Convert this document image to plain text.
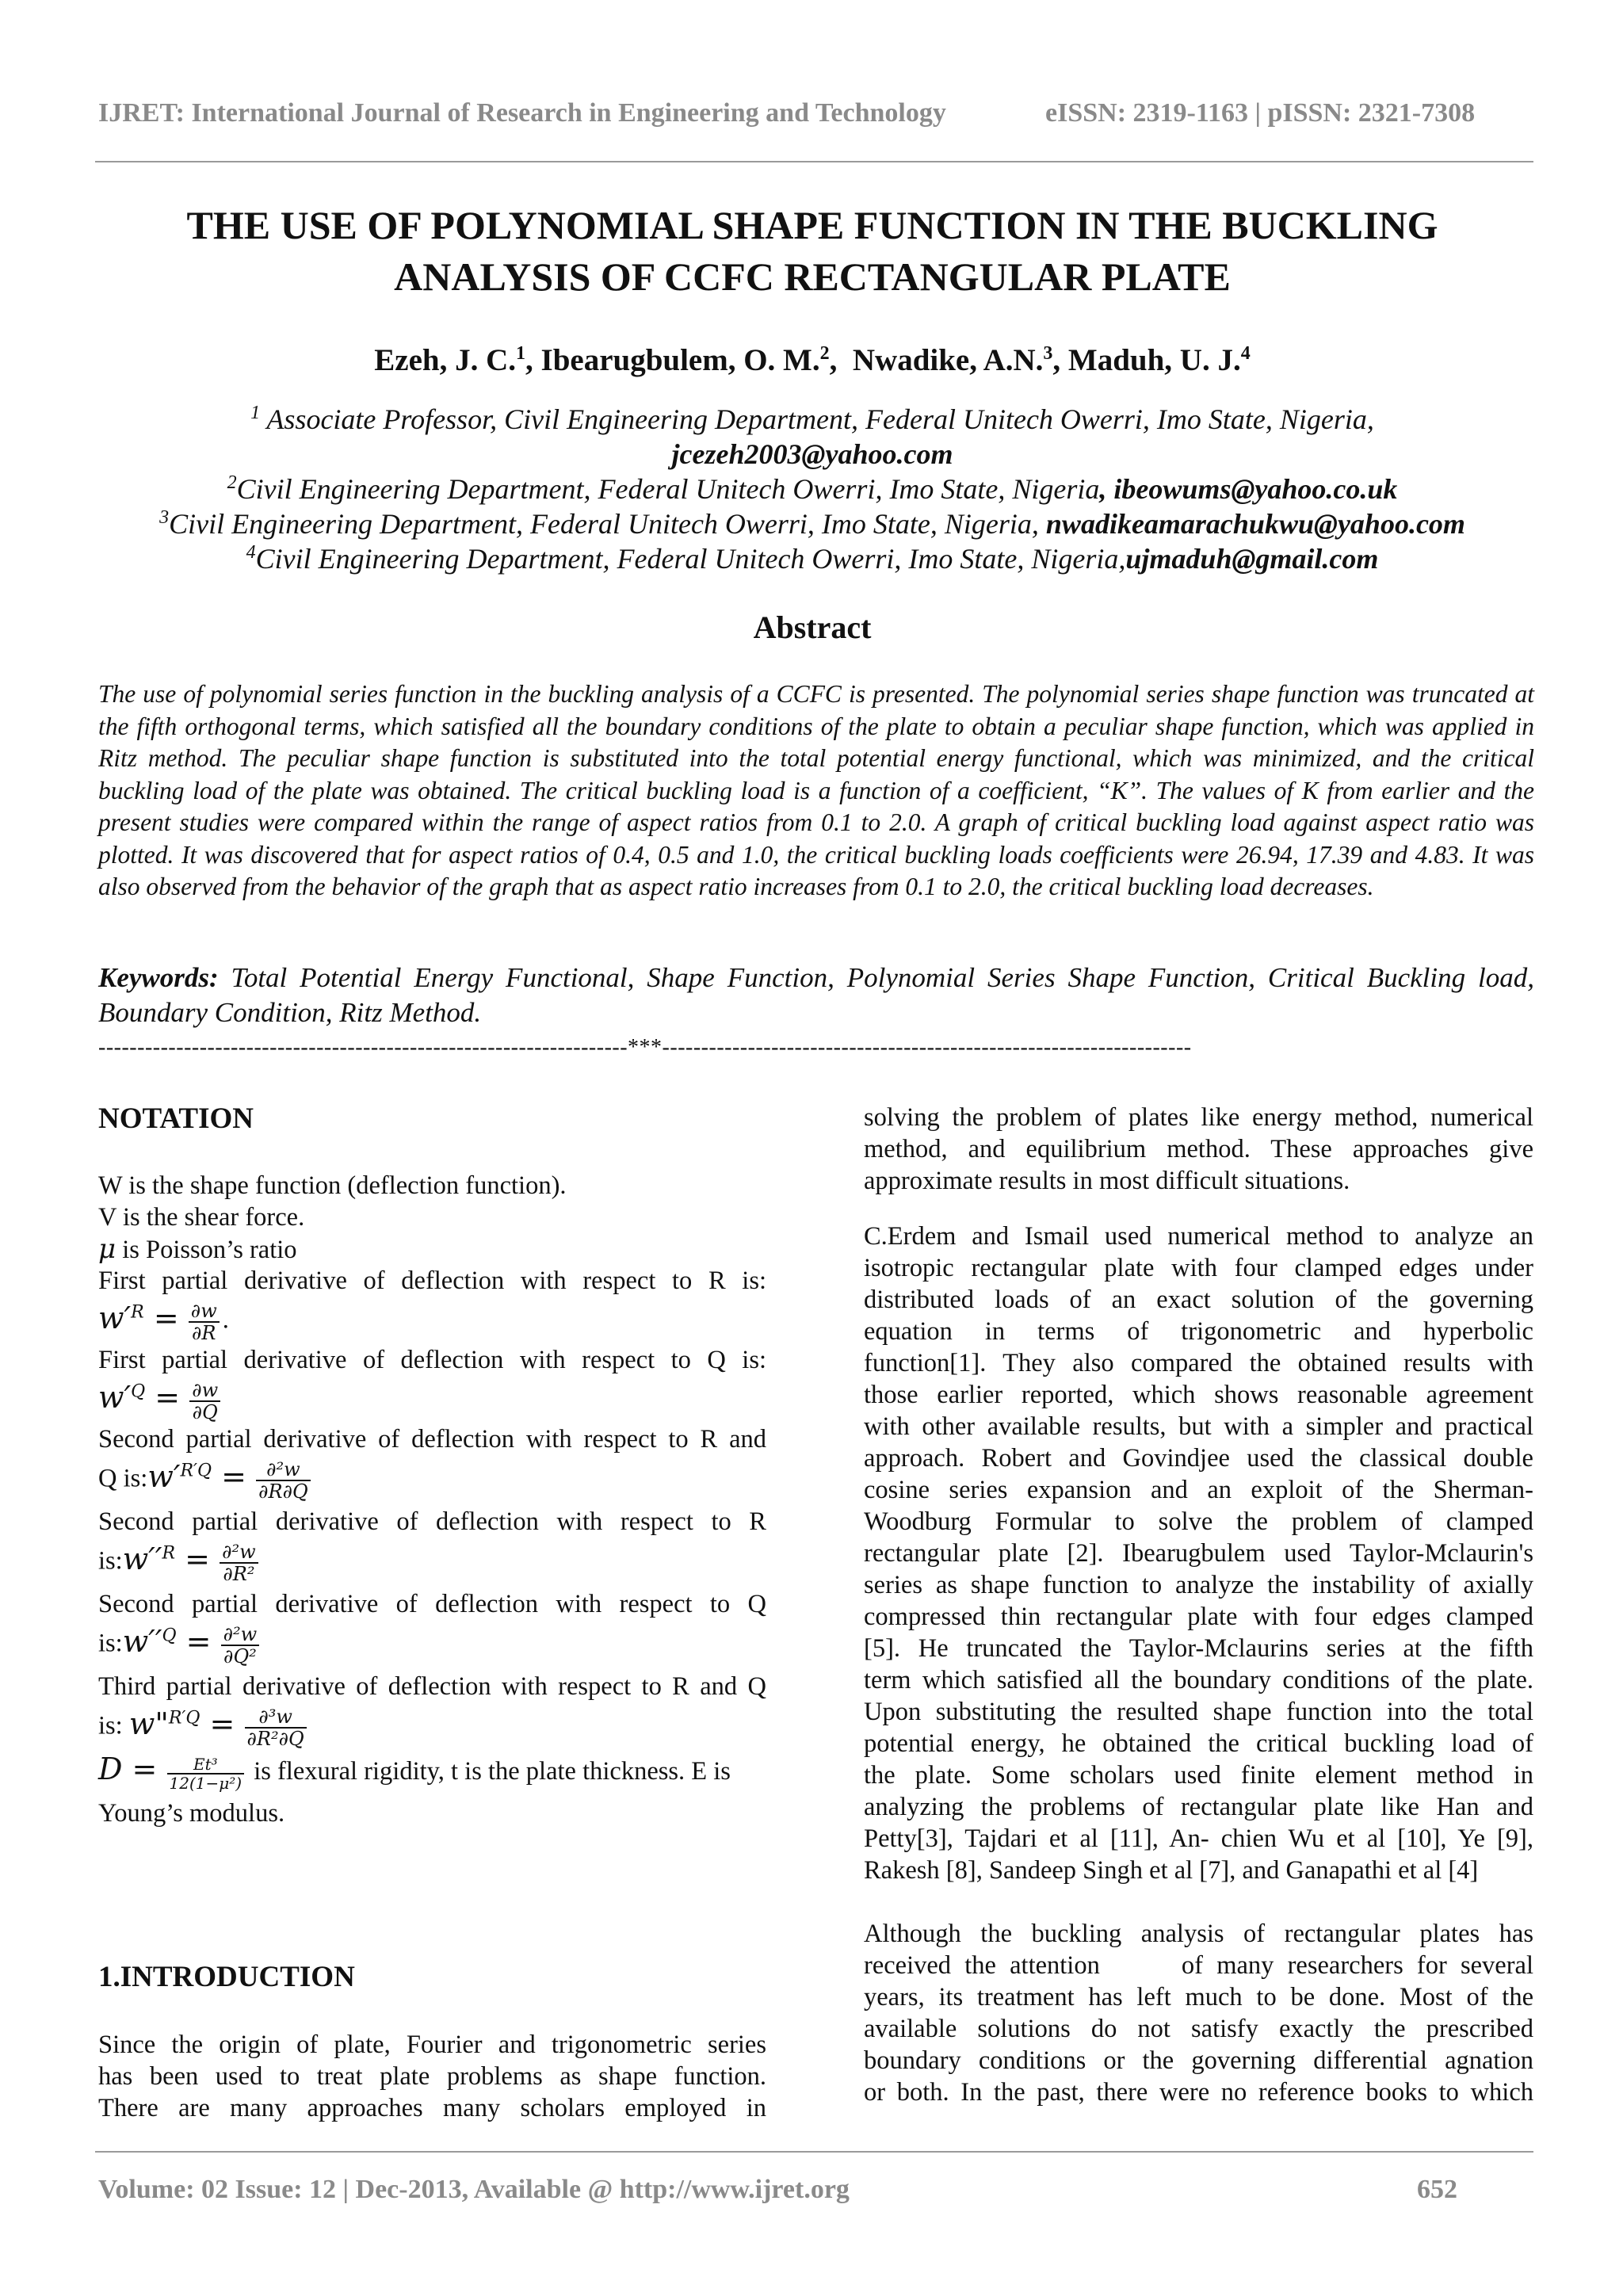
IJRET: International Journal of Research in Engineering and Technology	eISSN: 2319-1163 | pISSN: 2321-7308
THE USE OF POLYNOMIAL SHAPE FUNCTION IN THE BUCKLING
ANALYSIS OF CCFC RECTANGULAR PLATE
Ezeh, J. C.$^1$, Ibearugbulem, O. M.$^2$,  Nwadike, A.N.$^3$, Maduh, U. J.$^4$
$^1$ Associate Professor, Civil Engineering Department, Federal Unitech Owerri, Imo State, Nigeria,
jcezeh2003@yahoo.com
$^2$Civil Engineering Department, Federal Unitech Owerri, Imo State, Nigeria, ibeowums@yahoo.co.uk
$^3$Civil Engineering Department, Federal Unitech Owerri, Imo State, Nigeria, nwadikeamarachukwu@yahoo.com
$^4$Civil Engineering Department, Federal Unitech Owerri, Imo State, Nigeria,ujmaduh@gmail.com
Abstract
The use of polynomial series function in the buckling analysis of a CCFC is presented. The polynomial series shape function was truncated at the fifth orthogonal terms, which satisfied all the boundary conditions of the plate to obtain a peculiar shape function, which was applied in Ritz method. The peculiar shape function is substituted into the total potential energy functional, which was minimized, and the critical buckling load of the plate was obtained. The critical buckling load is a function of a coefficient, “K”. The values of K from earlier and the present studies were compared within the range of aspect ratios from 0.1 to 2.0. A graph of critical buckling load against aspect ratio was plotted. It was discovered that for aspect ratios of 0.4, 0.5 and 1.0, the critical buckling loads coefficients were 26.94, 17.39 and 4.83. It was also observed from the behavior of the graph that as aspect ratio increases from 0.1 to 2.0, the critical buckling load decreases.
Keywords: Total Potential Energy Functional, Shape Function, Polynomial Series Shape Function, Critical Buckling load, Boundary Condition, Ritz Method.
--------------------------------------------------------------------***--------------------------------------------------------------------
NOTATION
W is the shape function (deflection function).
V is the shear force.
μ is Poisson’s ratio
First partial derivative of deflection with respect to R is:
$w'^R = \frac{\partial w}{\partial R}$ .
First partial derivative of deflection with respect to Q is:
$w'^Q = \frac{\partial w}{\partial Q}$
Second partial derivative of deflection with respect to R and
Q $is:w'^{R'Q} = \frac{\text{∂²w}}{\partial R\partial Q}$
Second partial derivative of deflection with respect to R
$is:w''^R = \frac{\text{∂²w}}{\text{∂R²}}$
Second partial derivative of deflection with respect to Q
$is:w''^Q = \frac{\text{∂²w}}{\text{∂Q²}}$
Third partial derivative of deflection with respect to R and Q
is: w"$^{R'Q}$ = $\frac{\text{∂³w}}{\text{∂R²∂Q}}$
$D = \frac{\text{Et³}}{\text{12(1−μ²)}}$ is flexural rigidity, t is the plate thickness. E is
Young’s modulus.
1.INTRODUCTION
Since the origin of plate, Fourier and trigonometric series
has been used to treat plate problems as shape function.
There are many approaches many scholars employed in
solving the problem of plates like energy method, numerical
method, and equilibrium method. These approaches give
approximate results in most difficult situations.
C.Erdem and Ismail used numerical method to analyze an
isotropic rectangular plate with four clamped edges under
distributed loads of an exact solution of the governing
equation in terms of trigonometric and hyperbolic
function[1]. They also compared the obtained results with
those earlier reported, which shows reasonable agreement
with other available results, but with a simpler and practical
approach. Robert and Govindjee used the classical double
cosine series expansion and an exploit of the Sherman-
Woodburg Formular to solve the problem of clamped
rectangular plate [2]. Ibearugbulem used Taylor-Mclaurin's
series as shape function to analyze the instability of axially
compressed thin rectangular plate with four edges clamped
[5]. He truncated the Taylor-Mclaurins series at the fifth
term which satisfied all the boundary conditions of the plate.
Upon substituting the resulted shape function into the total
potential energy, he obtained the critical buckling load of
the plate. Some scholars used finite element method in
analyzing the problems of rectangular plate like Han and
Petty[3], Tajdari et al [11], An- chien Wu et al [10], Ye [9],
Rakesh [8], Sandeep Singh et al [7], and Ganapathi et al [4]
Although the buckling analysis of rectangular plates has
received the attention      of many researchers for several
years, its treatment has left much to be done. Most of the
available solutions do not satisfy exactly the prescribed
boundary conditions or the governing differential agnation
or both. In the past, there were no reference books to which
Volume: 02 Issue: 12 | Dec-2013, Available @ http://www.ijret.org	652
